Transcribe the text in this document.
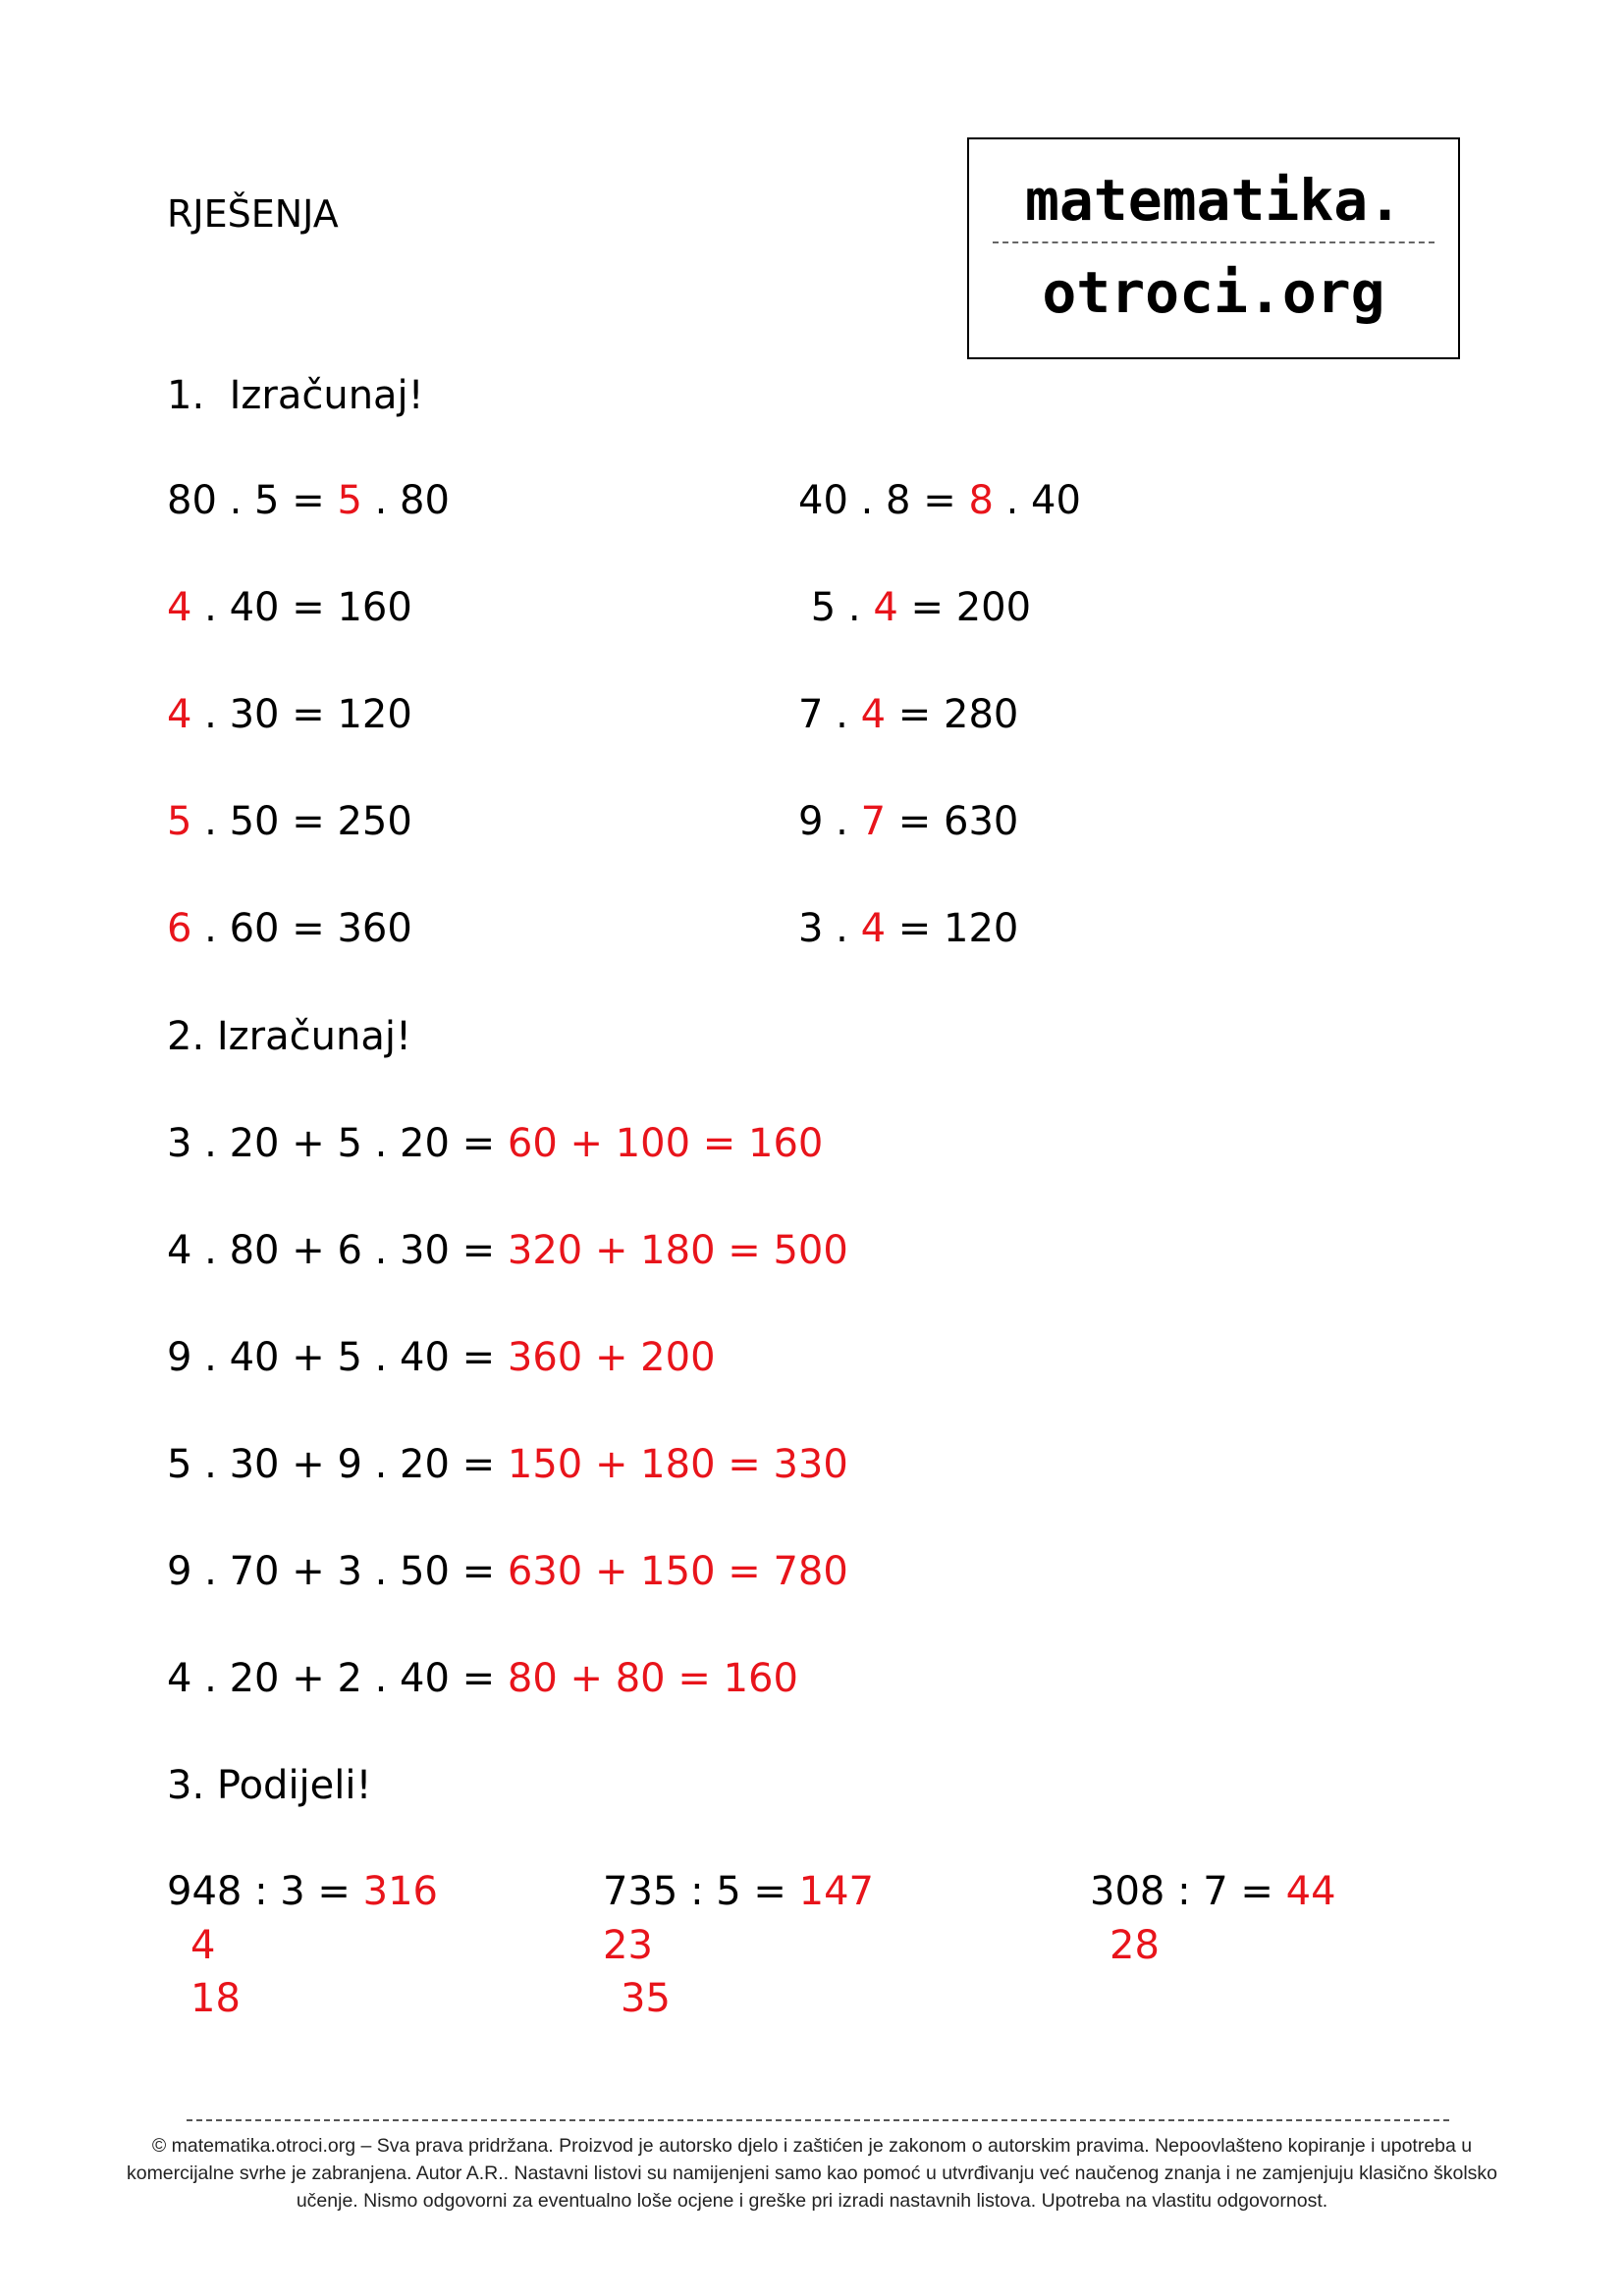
RJEŠENJA	matematika.
otroci.org
1.  Izračunaj!
80 . 5 = 5 . 80
4 . 40 = 160
4 . 30 = 120
5 . 50 = 250
6 . 60 = 360
40 . 8 = 8 . 40
5 . 4 = 200
7 . 4 = 280
9 . 7 = 630
3 . 4 = 120
2. Izračunaj!
3 . 20 + 5 . 20 = 60 + 100 = 160
4 . 80 + 6 . 30 = 320 + 180 = 500
9 . 40 + 5 . 40 = 360 + 200
5 . 30 + 9 . 20 = 150 + 180 = 330
9 . 70 + 3 . 50 = 630 + 150 = 780
4 . 20 + 2 . 40 = 80 + 80 = 160
3. Podijeli!
948 : 3 = 316
4
18
735 : 5 = 147
23
35
308 : 7 = 44
28
© matematika.otroci.org – Sva prava pridržana. Proizvod je autorsko djelo i zaštićen je zakonom o autorskim pravima. Nepoovlašteno kopiranje i upotreba u komercijalne svrhe je zabranjena. Autor A.R.. Nastavni listovi su namijenjeni samo kao pomoć u utvrđivanju već naučenog znanja i ne zamjenjuju klasično školsko učenje. Nismo odgovorni za eventualno loše ocjene i greške pri izradi nastavnih listova. Upotreba na vlastitu odgovornost.
